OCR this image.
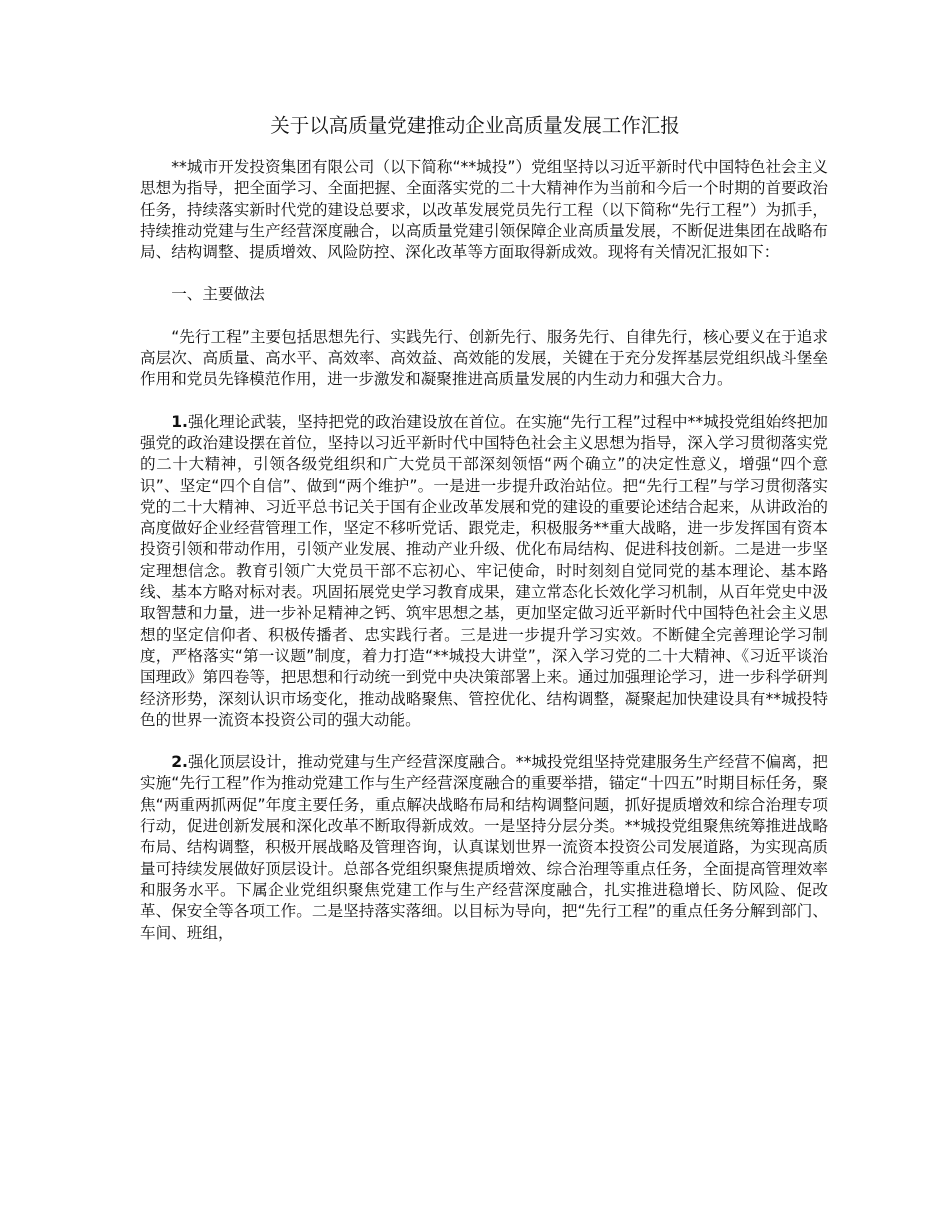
关于以高质量党建推动企业高质量发展工作汇报

**城市开发投资集团有限公司（以下简称“**城投”）党组坚持以习近平新时代中国特色社会主义思想为指导，把全面学习、全面把握、全面落实党的二十大精神作为当前和今后一个时期的首要政治任务，持续落实新时代党的建设总要求，以改革发展党员先行工程（以下简称“先行工程”）为抓手，持续推动党建与生产经营深度融合，以高质量党建引领保障企业高质量发展，不断促进集团在战略布局、结构调整、提质增效、风险防控、深化改革等方面取得新成效。现将有关情况汇报如下：

一、主要做法

“先行工程”主要包括思想先行、实践先行、创新先行、服务先行、自律先行，核心要义在于追求高层次、高质量、高水平、高效率、高效益、高效能的发展，关键在于充分发挥基层党组织战斗堡垒作用和党员先锋模范作用，进一步激发和凝聚推进高质量发展的内生动力和强大合力。

1.强化理论武装，坚持把党的政治建设放在首位。在实施“先行工程”过程中**城投党组始终把加强党的政治建设摆在首位，坚持以习近平新时代中国特色社会主义思想为指导，深入学习贯彻落实党的二十大精神，引领各级党组织和广大党员干部深刻领悟“两个确立”的决定性意义，增强“四个意识”、坚定“四个自信”、做到“两个维护”。一是进一步提升政治站位。把“先行工程”与学习贯彻落实党的二十大精神、习近平总书记关于国有企业改革发展和党的建设的重要论述结合起来，从讲政治的高度做好企业经营管理工作，坚定不移听党话、跟党走，积极服务**重大战略，进一步发挥国有资本投资引领和带动作用，引领产业发展、推动产业升级、优化布局结构、促进科技创新。二是进一步坚定理想信念。教育引领广大党员干部不忘初心、牢记使命，时时刻刻自觉同党的基本理论、基本路线、基本方略对标对表。巩固拓展党史学习教育成果，建立常态化长效化学习机制，从百年党史中汲取智慧和力量，进一步补足精神之钙、筑牢思想之基，更加坚定做习近平新时代中国特色社会主义思想的坚定信仰者、积极传播者、忠实践行者。三是进一步提升学习实效。不断健全完善理论学习制度，严格落实“第一议题”制度，着力打造“**城投大讲堂”，深入学习党的二十大精神、《习近平谈治国理政》第四卷等，把思想和行动统一到党中央决策部署上来。通过加强理论学习，进一步科学研判经济形势，深刻认识市场变化，推动战略聚焦、管控优化、结构调整，凝聚起加快建设具有**城投特色的世界一流资本投资公司的强大动能。

2.强化顶层设计，推动党建与生产经营深度融合。**城投党组坚持党建服务生产经营不偏离，把实施“先行工程”作为推动党建工作与生产经营深度融合的重要举措，锚定“十四五”时期目标任务，聚焦“两重两抓两促”年度主要任务，重点解决战略布局和结构调整问题，抓好提质增效和综合治理专项行动，促进创新发展和深化改革不断取得新成效。一是坚持分层分类。**城投党组聚焦统筹推进战略布局、结构调整，积极开展战略及管理咨询，认真谋划世界一流资本投资公司发展道路，为实现高质量可持续发展做好顶层设计。总部各党组织聚焦提质增效、综合治理等重点任务，全面提高管理效率和服务水平。下属企业党组织聚焦党建工作与生产经营深度融合，扎实推进稳增长、防风险、促改革、保安全等各项工作。二是坚持落实落细。以目标为导向，把“先行工程”的重点任务分解到部门、车间、班组，
